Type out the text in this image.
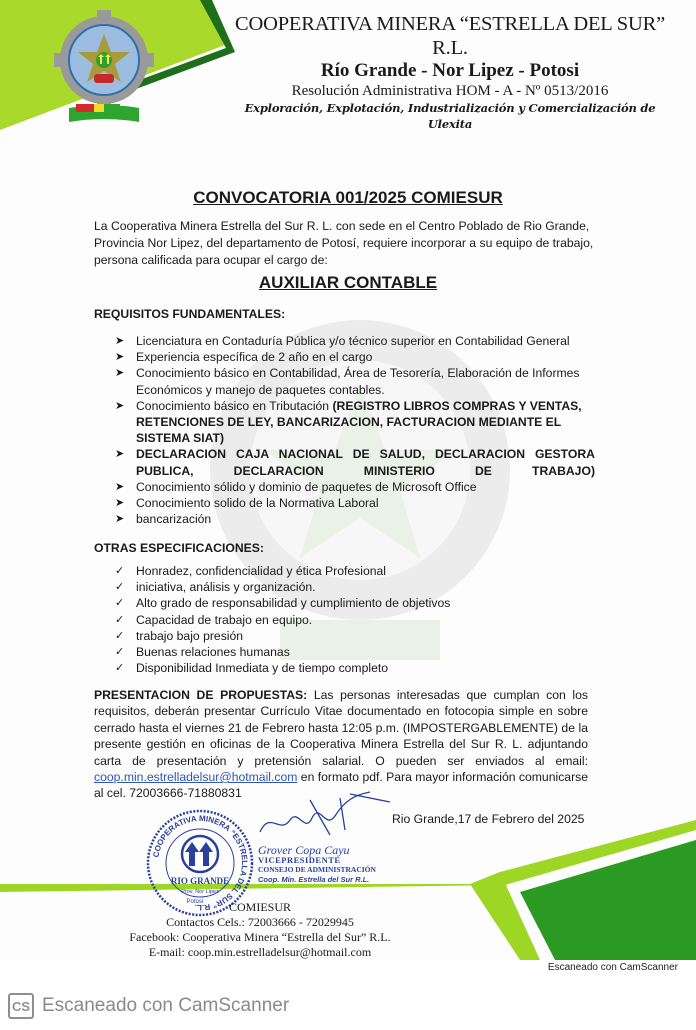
COOPERATIVA MINERA “ESTRELLA DEL SUR” R.L.
Río Grande - Nor Lipez - Potosi
Resolución Administrativa HOM - A - Nº 0513/2016
Exploración, Explotación, Industrialización y Comercialización de Ulexita
CONVOCATORIA 001/2025 COMIESUR
La Cooperativa Minera Estrella del Sur R. L. con sede en el Centro Poblado de Rio Grande, Provincia Nor Lipez, del departamento de Potosí, requiere incorporar a su equipo de trabajo, persona calificada para ocupar el cargo de:
AUXILIAR CONTABLE
REQUISITOS FUNDAMENTALES:
➤ Licenciatura en Contaduría Pública y/o técnico superior en Contabilidad General
➤ Experiencia específica de 2 año en el cargo
➤ Conocimiento básico en Contabilidad, Área de Tesorería, Elaboración de Informes Económicos y manejo de paquetes contables.
➤ Conocimiento básico en Tributación (REGISTRO LIBROS COMPRAS Y VENTAS, RETENCIONES DE LEY, BANCARIZACION, FACTURACION MEDIANTE EL SISTEMA SIAT)
➤ DECLARACION CAJA NACIONAL DE SALUD, DECLARACION GESTORA PUBLICA, DECLARACION MINISTERIO DE TRABAJO)
➤ Conocimiento sólido y dominio de paquetes de Microsoft Office
➤ Conocimiento solido de la Normativa Laboral
➤ bancarización
OTRAS ESPECIFICACIONES:
✓ Honradez, confidencialidad y ética Profesional
✓ iniciativa, análisis y organización.
✓ Alto grado de responsabilidad y cumplimiento de objetivos
✓ Capacidad de trabajo en equipo.
✓ trabajo bajo presión
✓ Buenas relaciones humanas
✓ Disponibilidad Inmediata y de tiempo completo
PRESENTACION DE PROPUESTAS: Las personas interesadas que cumplan con los requisitos, deberán presentar Currículo Vitae documentado en fotocopia simple en sobre cerrado hasta el viernes 21 de Febrero hasta 12:05 p.m. (IMPOSTERGABLEMENTE) de la presente gestión en oficinas de la Cooperativa Minera Estrella del Sur R. L. adjuntando carta de presentación y pretensión salarial. O pueden ser enviados al email: coop.min.estrelladelsur@hotmail.com en formato pdf. Para mayor información comunicarse al cel. 72003666-71880831
Rio Grande,17 de Febrero del 2025
COOPERATIVA MINERA “ESTRELLA DEL SUR” R.L.
RIO GRANDE
Prov. Nor Lipez
Potosí
Grover Copa Cayu
VICEPRESIDENTE
CONSEJO DE ADMINISTRACIÓN
Coop. Min. Estrella del Sur R.L.
COMIESUR
Contactos Cels.: 72003666 - 72029945
Facebook: Cooperativa Minera “Estrella del Sur” R.L.
E-mail: coop.min.estrelladelsur@hotmail.com
Escaneado con CamScanner
CS Escaneado con CamScanner
